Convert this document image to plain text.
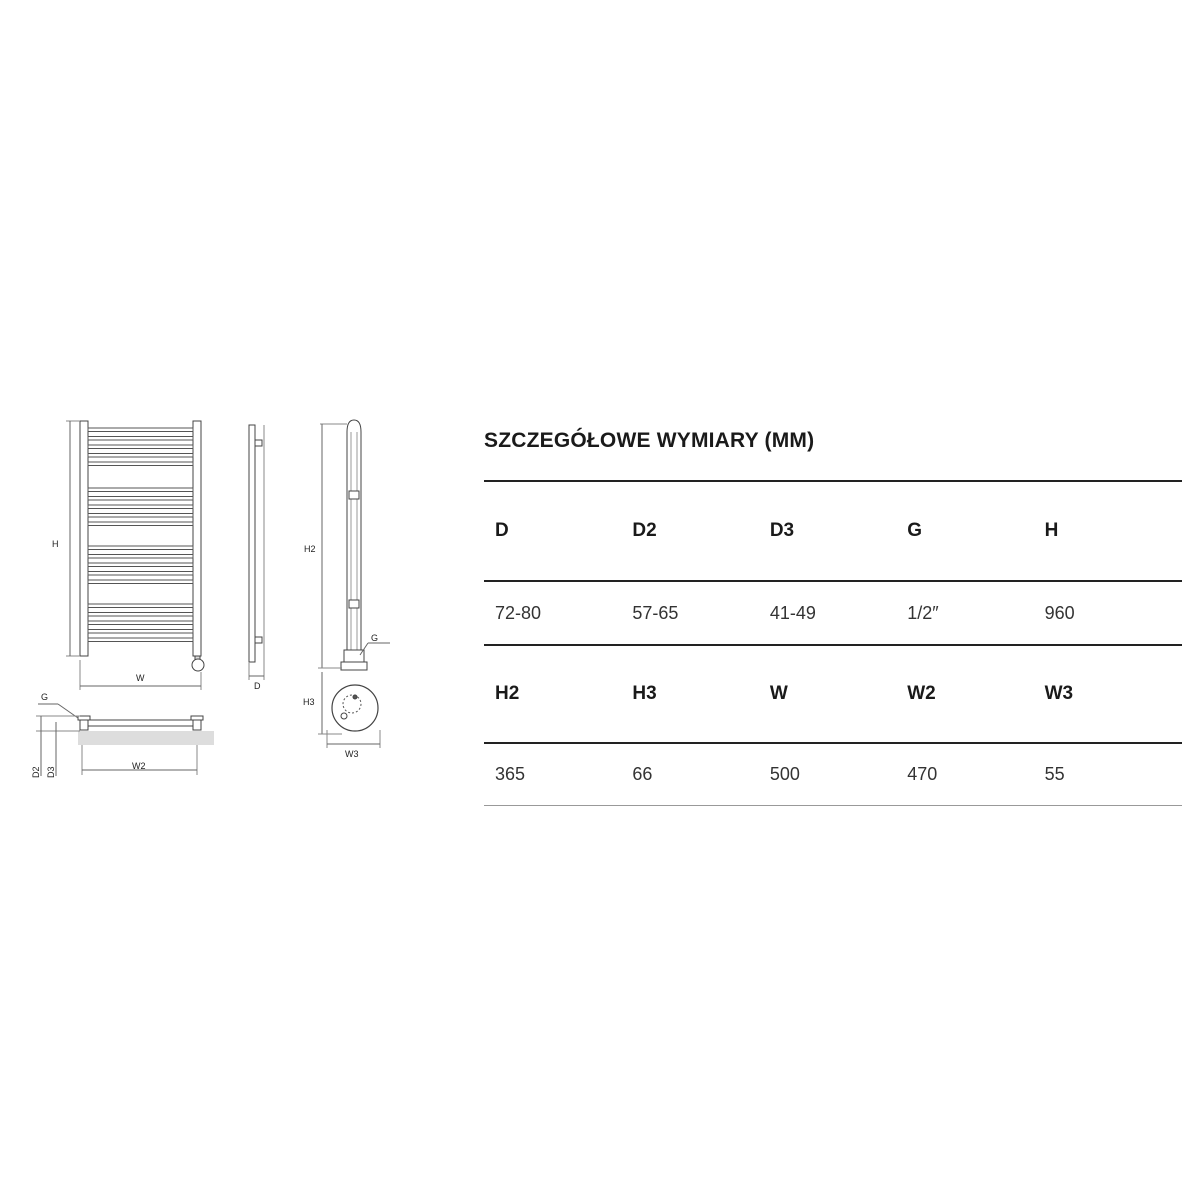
H
W
D
H2
G
H3
W3
G
D2 D3
W2
SZCZEGÓŁOWE WYMIARY (MM)
D	D2	D3	G	H
72-80	57-65	41-49	1/2″	960
H2	H3	W	W2	W3
365	66	500	470	55
